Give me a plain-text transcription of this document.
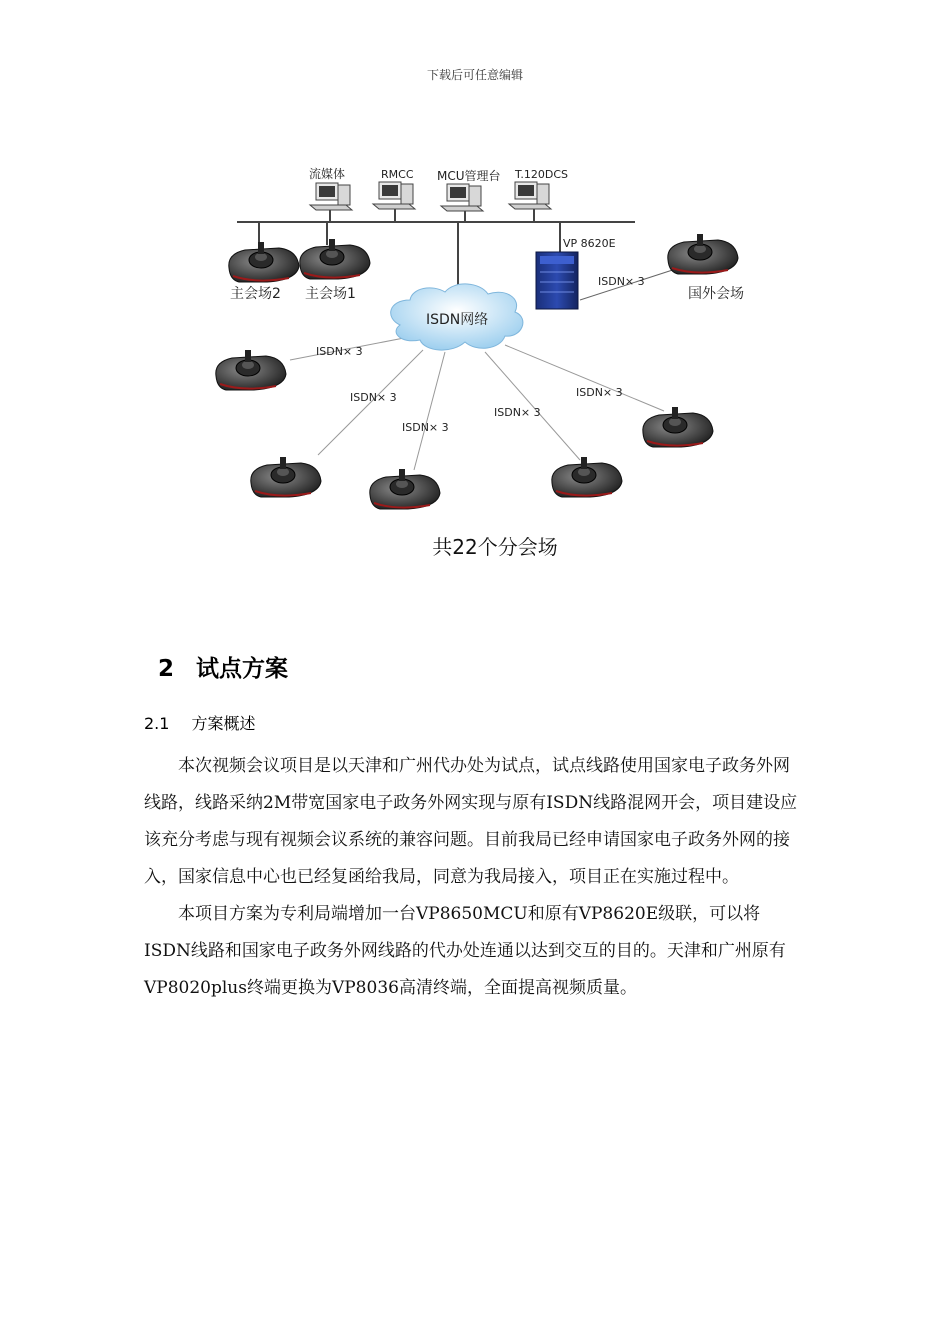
下载后可任意编辑
流媒体	RMCC MCU管理台 T.120DCS
主会场2 主会场1
VP 8620E
ISDN× 3
国外会场
ISDN网络
ISDN× 3
ISDN× 3
ISDN× 3
ISDN× 3
ISDN× 3
共22个分会场
2 试点方案
2.1 方案概述

本次视频会议项目是以天津和广州代办处为试点，试点线路使用国家电子政务外网线路，线路采纳2M带宽国家电子政务外网实现与原有ISDN线路混网开会，项目建设应该充分考虑与现有视频会议系统的兼容问题。目前我局已经申请国家电子政务外网的接入，国家信息中心也已经复函给我局，同意为我局接入，项目正在实施过程中。

本项目方案为专利局端增加一台VP8650MCU和原有VP8620E级联，可以将ISDN线路和国家电子政务外网线路的代办处连通以达到交互的目的。天津和广州原有VP8020plus终端更换为VP8036高清终端，全面提高视频质量。
